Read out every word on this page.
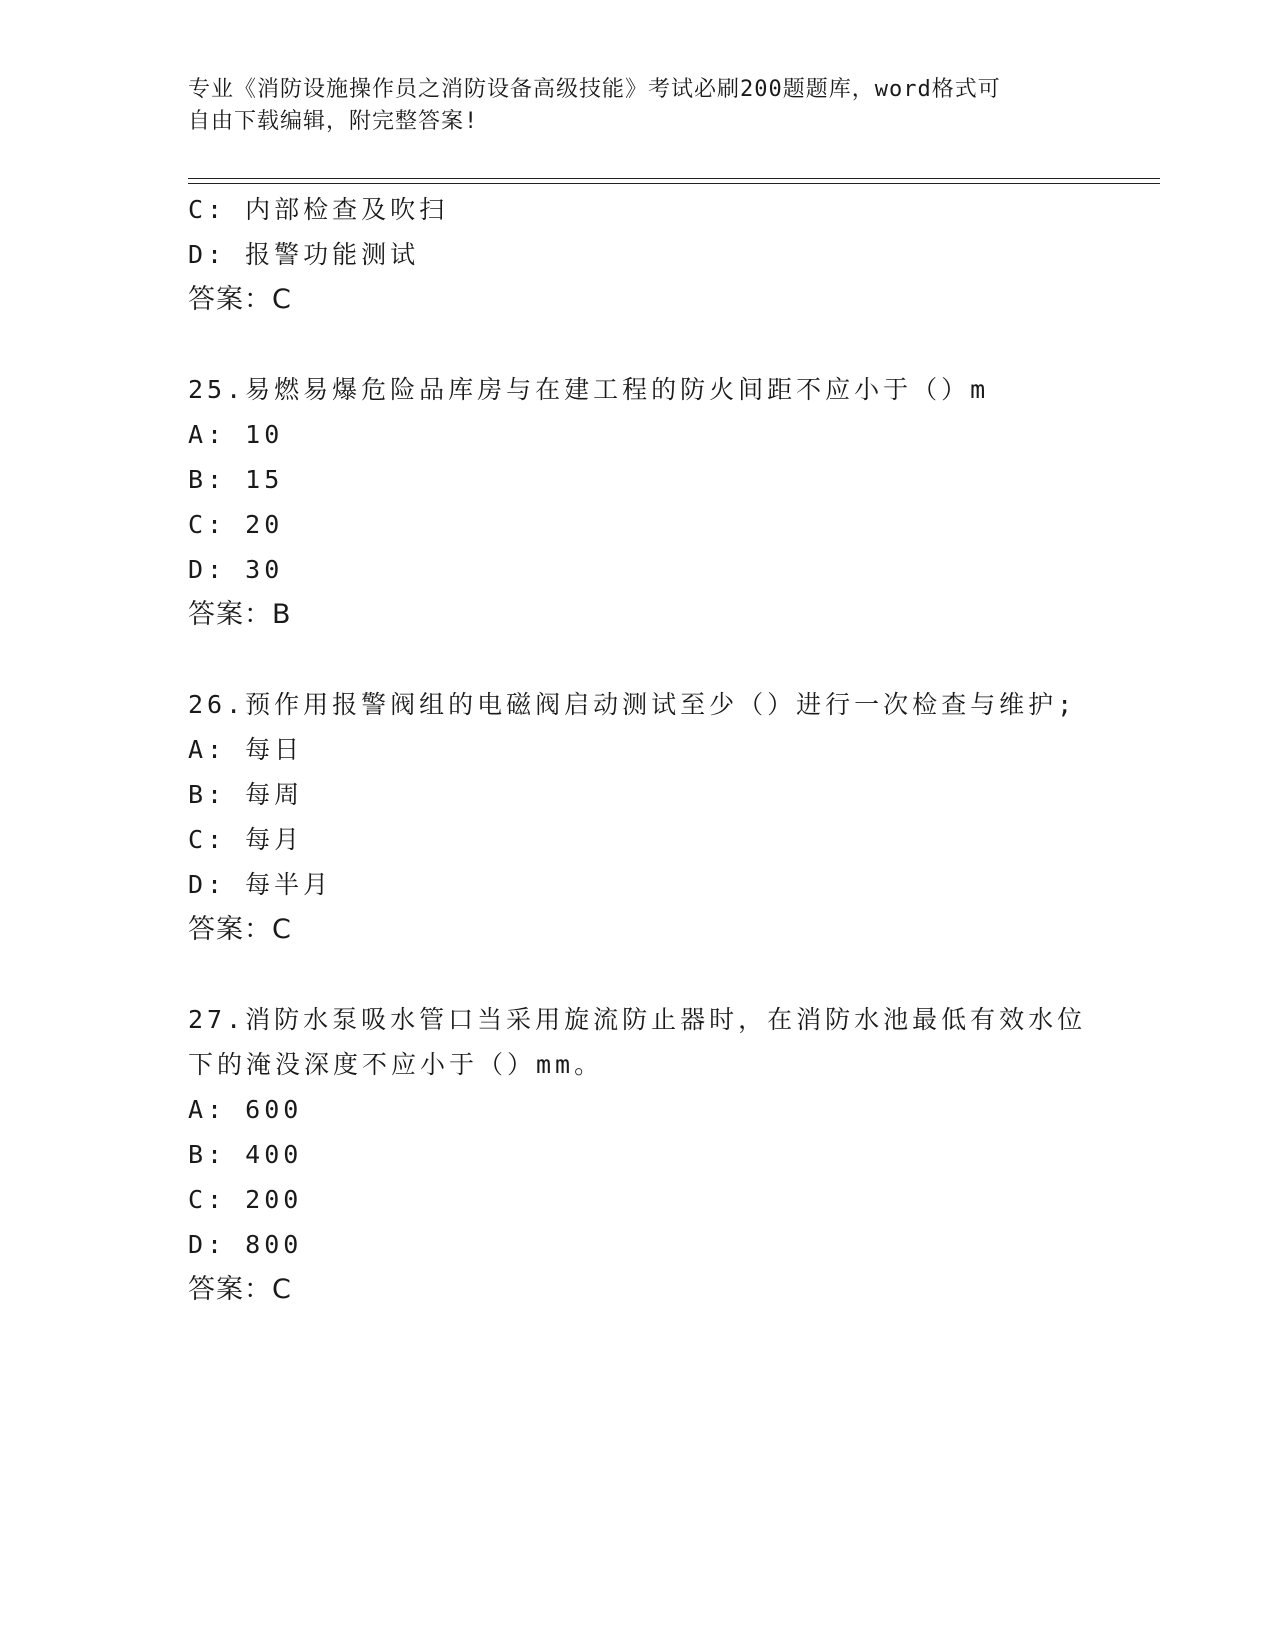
专业《消防设施操作员之消防设备高级技能》考试必刷200题题库，word格式可
自由下载编辑，附完整答案!
C: 内部检查及吹扫
D: 报警功能测试
答案：C
25.易燃易爆危险品库房与在建工程的防火间距不应小于（）m
A: 10
B: 15
C: 20
D: 30
答案：B
26.预作用报警阀组的电磁阀启动测试至少（）进行一次检查与维护;
A: 每日
B: 每周
C: 每月
D: 每半月
答案：C
27.消防水泵吸水管口当采用旋流防止器时，在消防水池最低有效水位
下的淹没深度不应小于（）mm。
A: 600
B: 400
C: 200
D: 800
答案：C
